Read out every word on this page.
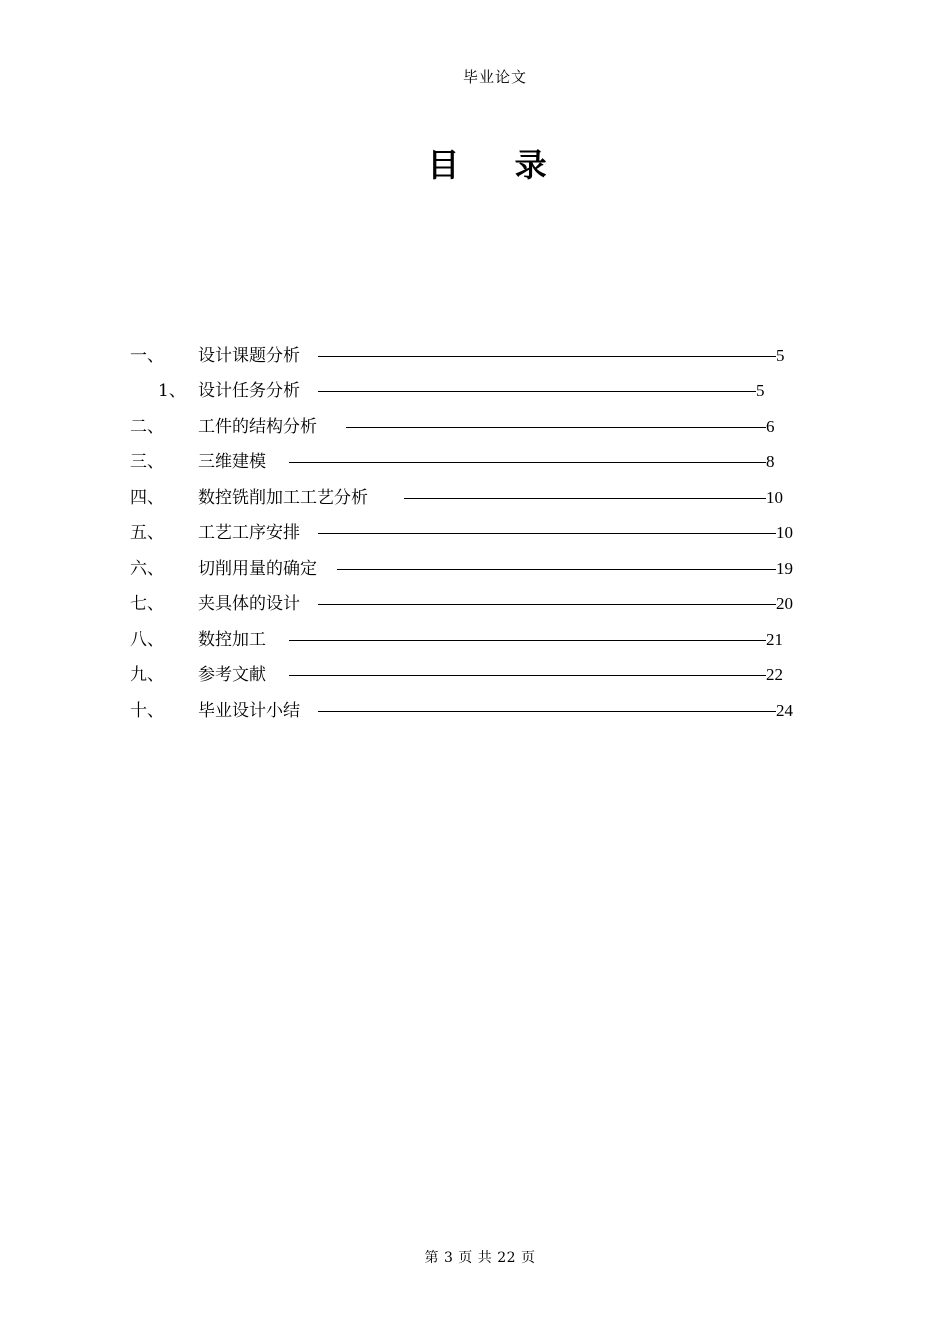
毕业论文
目 录
一、 设计课题分析	5
1、 设计任务分析	5
二、 工件的结构分析	6
三、 三维建模	8
四、 数控铣削加工工艺分析	10
五、 工艺工序安排	10
六、 切削用量的确定	19
七、 夹具体的设计	20
八、 数控加工	21
九、 参考文献	22
十、 毕业设计小结	24
第 3 页 共 22 页
